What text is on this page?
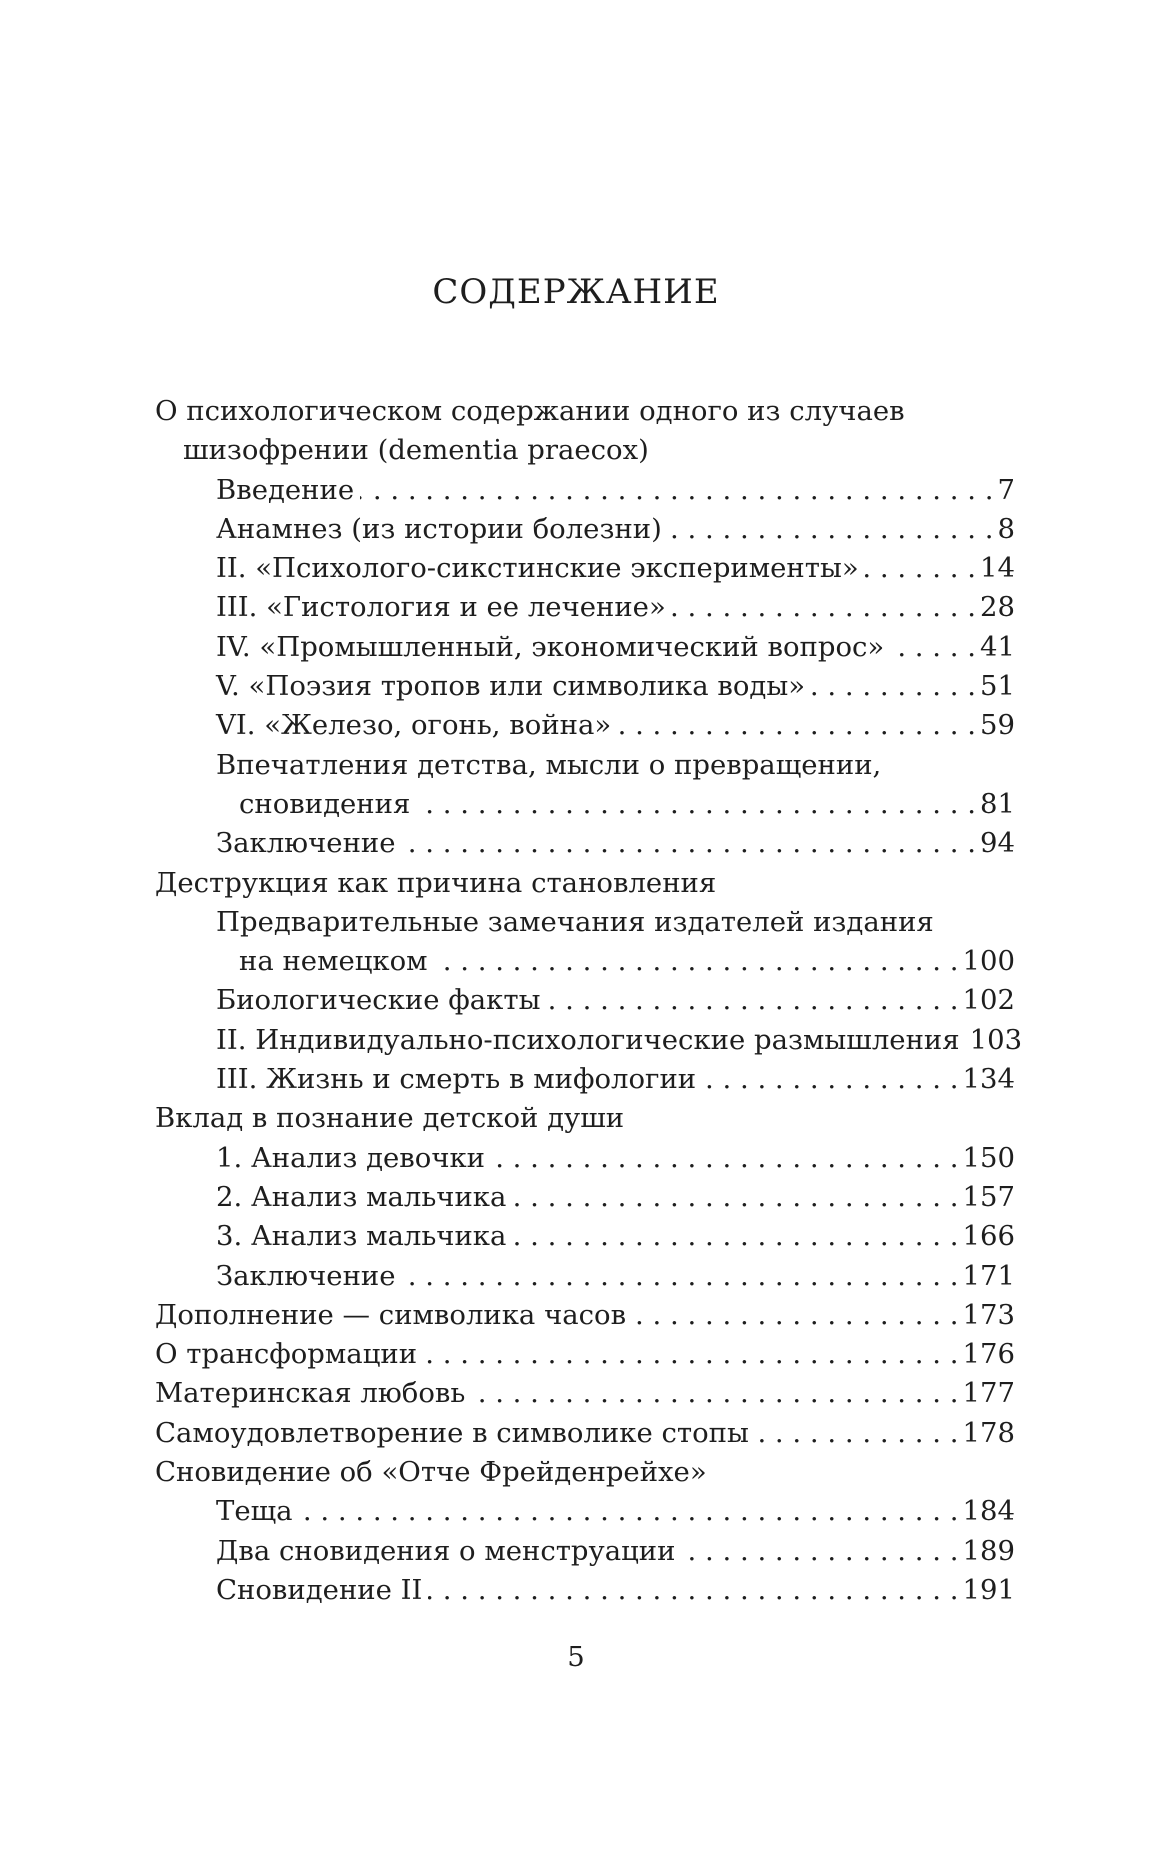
СОДЕРЖАНИЕ
О психологическом содержании одного из случаев
шизофрении (dementia praecox)
Введение . . .	7
Анамнез (из истории болезни) . . .	8
II. «Психолого-сикстинские эксперименты» . . .	14
III. «Гистология и ее лечение» . . .	28
IV. «Промышленный, экономический вопрос» . . .	41
V. «Поэзия тропов или символика воды» . . .	51
VI. «Железо, огонь, война» . . .	59
Впечатления детства, мысли о превращении,
сновидения . . .	81
Заключение . . .	94
Деструкция как причина становления
Предварительные замечания издателей издания
на немецком . . .	100
Биологические факты . . .	102
II. Индивидуально-психологические размышления 103
III. Жизнь и смерть в мифологии . . .	134
Вклад в познание детской души
1. Анализ девочки . . .	150
2. Анализ мальчика . . .	157
3. Анализ мальчика . . .	166
Заключение . . .	171
Дополнение — символика часов . . .	173
О трансформации . . .	176
Материнская любовь . . .	177
Самоудовлетворение в символике стопы . . .	178
Сновидение об «Отче Фрейденрейхе»
Теща . . .	184
Два сновидения о менструации . . .	189
Сновидение II . . .	191
5
